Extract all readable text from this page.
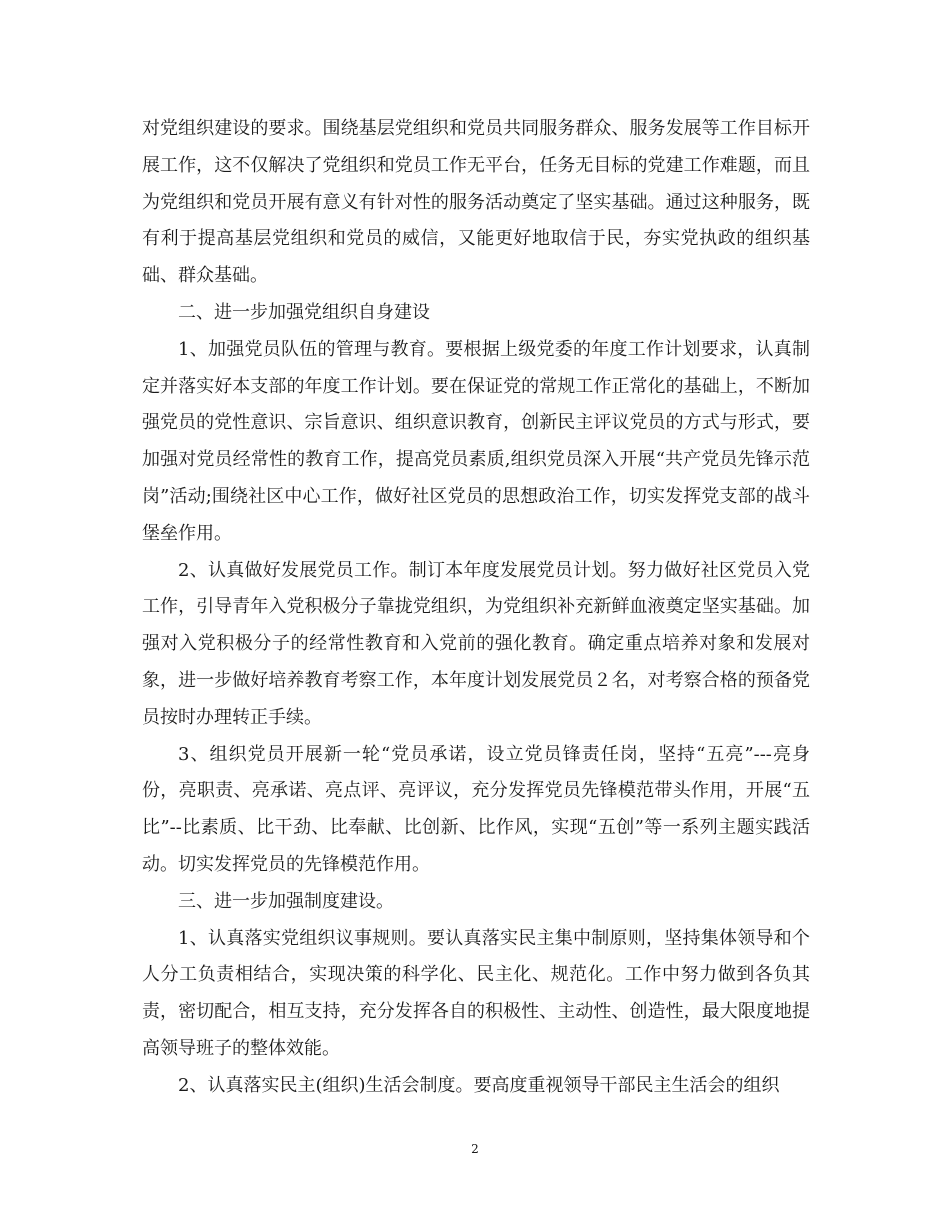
对党组织建设的要求。围绕基层党组织和党员共同服务群众、服务发展等工作目标开展工作，这不仅解决了党组织和党员工作无平台，任务无目标的党建工作难题，而且为党组织和党员开展有意义有针对性的服务活动奠定了坚实基础。通过这种服务，既有利于提高基层党组织和党员的威信，又能更好地取信于民，夯实党执政的组织基础、群众基础。

二、进一步加强党组织自身建设

1、加强党员队伍的管理与教育。要根据上级党委的年度工作计划要求，认真制定并落实好本支部的年度工作计划。要在保证党的常规工作正常化的基础上，不断加强党员的党性意识、宗旨意识、组织意识教育，创新民主评议党员的方式与形式，要加强对党员经常性的教育工作，提高党员素质,组织党员深入开展“共产党员先锋示范岗”活动;围绕社区中心工作，做好社区党员的思想政治工作，切实发挥党支部的战斗堡垒作用。

2、认真做好发展党员工作。制订本年度发展党员计划。努力做好社区党员入党工作，引导青年入党积极分子靠拢党组织，为党组织补充新鲜血液奠定坚实基础。加强对入党积极分子的经常性教育和入党前的强化教育。确定重点培养对象和发展对象，进一步做好培养教育考察工作，本年度计划发展党员２名，对考察合格的预备党员按时办理转正手续。

3、组织党员开展新一轮“党员承诺，设立党员锋责任岗，坚持“五亮”---亮身份，亮职责、亮承诺、亮点评、亮评议，充分发挥党员先锋模范带头作用，开展“五比”--比素质、比干劲、比奉献、比创新、比作风，实现“五创”等一系列主题实践活动。切实发挥党员的先锋模范作用。

三、进一步加强制度建设。

1、认真落实党组织议事规则。要认真落实民主集中制原则，坚持集体领导和个人分工负责相结合，实现决策的科学化、民主化、规范化。工作中努力做到各负其责，密切配合，相互支持，充分发挥各自的积极性、主动性、创造性，最大限度地提高领导班子的整体效能。

2、认真落实民主(组织)生活会制度。要高度重视领导干部民主生活会的组织

2
